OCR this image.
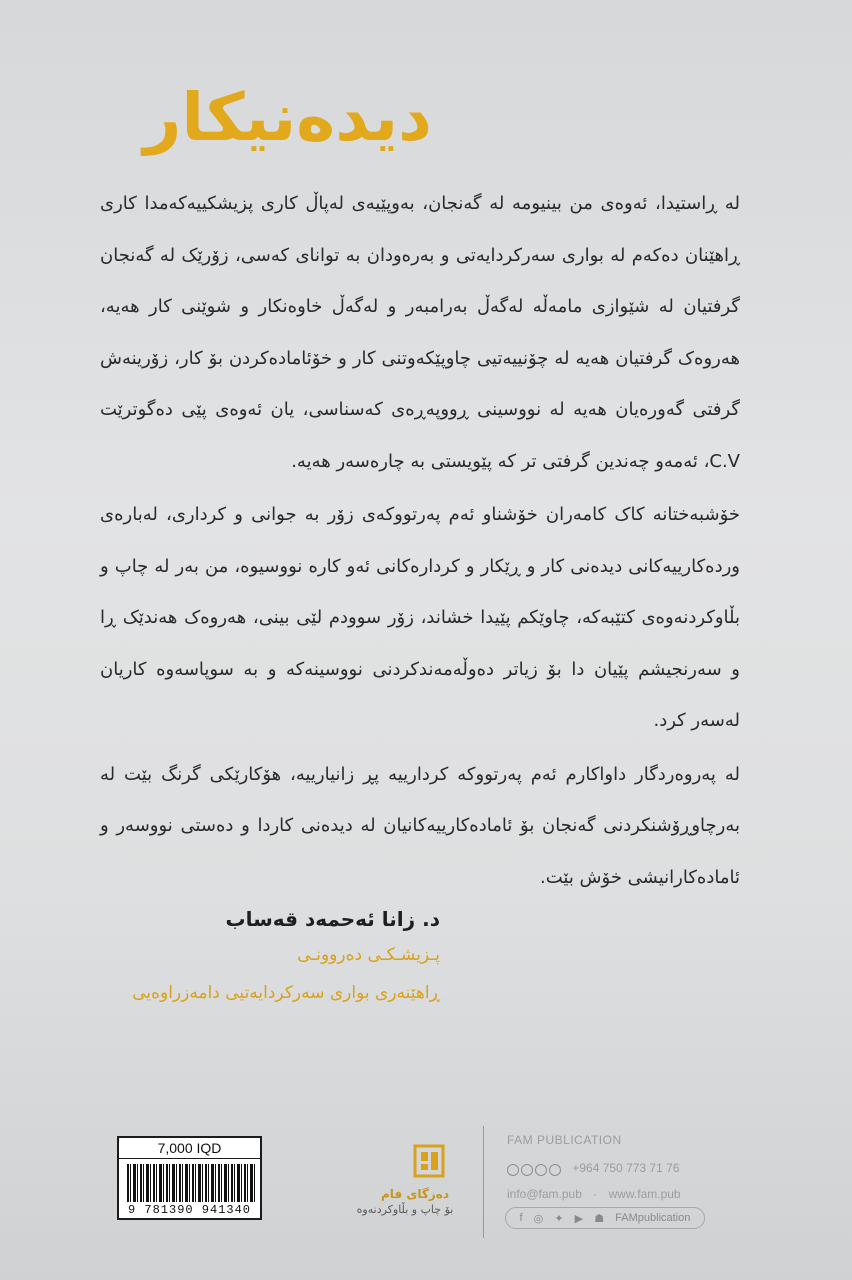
دیدەنیکار

لە ڕاستیدا، ئەوەی من بینیومە لە گەنجان، بەوپێیەی لەپاڵ کاری پزیشکییەکەمدا کاری ڕاهێنان دەکەم لە بواری سەرکردایەتی و بەرەودان بە توانای کەسی، زۆرێک لە گەنجان گرفتیان لە شێوازی مامەڵە لەگەڵ بەرامبەر و لەگەڵ خاوەنکار و شوێنی کار هەیە، هەروەک گرفتیان هەیە لە چۆنییەتیی چاوپێکەوتنی کار و خۆئامادەکردن بۆ کار، زۆرینەش گرفتی گەورەیان هەیە لە نووسینی ڕووپەڕەی کەسناسی، یان ئەوەی پێی دەگوترێت C.V، ئەمەو چەندین گرفتی تر کە پێویستی بە چارەسەر هەیە.

خۆشبەختانە کاک کامەران خۆشناو ئەم پەرتووکەی زۆر بە جوانی و کرداری، لەبارەی وردەکارییەکانی دیدەنی کار و ڕێکار و کردارەکانی ئەو کارە نووسیوە، من بەر لە چاپ و بڵاوکردنەوەی کتێبەکە، چاوێکم پێیدا خشاند، زۆر سوودم لێی بینی، هەروەک هەندێک ڕا و سەرنجیشم پێیان دا بۆ زیاتر دەوڵەمەندکردنی نووسینەکە و بە سوپاسەوە کاریان لەسەر کرد.

لە پەروەردگار داواکارم ئەم پەرتووکە کردارییە پڕ زانیارییە، هۆکارێکی گرنگ بێت لە بەرچاوڕۆشنکردنی گەنجان بۆ ئامادەکارییەکانیان لە دیدەنی کاردا و دەستی نووسەر و ئامادەکارانیشی خۆش بێت.

د. زانا ئەحمەد قەساب
پـزیشـکـی دەروونـی
ڕاهێنەری بواری سەرکردایەتیی دامەزراوەیی
7,000 IQD
9 781390 941340
دەزگای فام
بۆ چاپ و بڵاوکردنەوە
FAM PUBLICATION
+964 750 773 71 76
info@fam.pub · www.fam.pub
f ◎ ✦ ▶ ☗ FAMpublication
